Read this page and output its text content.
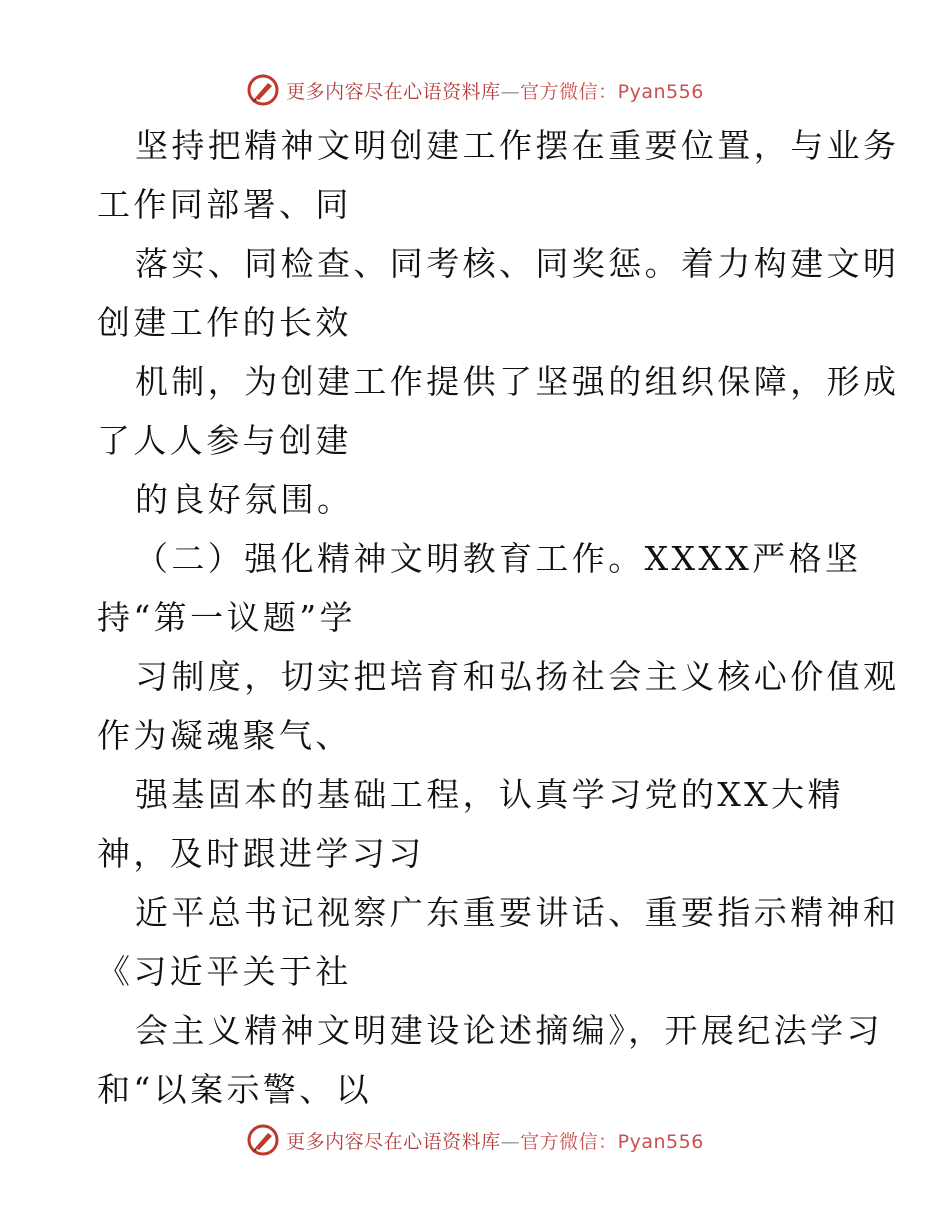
更多内容尽在心语资料库—官方微信：Pyan556
坚持把精神文明创建工作摆在重要位置，与业务
工作同部署、同
落实、同检查、同考核、同奖惩。着力构建文明
创建工作的长效
机制，为创建工作提供了坚强的组织保障，形成
了人人参与创建
的良好氛围。
（二）强化精神文明教育工作。XXXX严格坚
持“第一议题”学
习制度，切实把培育和弘扬社会主义核心价值观
作为凝魂聚气、
强基固本的基础工程，认真学习党的XX大精
神，及时跟进学习习
近平总书记视察广东重要讲话、重要指示精神和
《习近平关于社
会主义精神文明建设论述摘编》，开展纪法学习
和“以案示警、以
更多内容尽在心语资料库—官方微信：Pyan556
